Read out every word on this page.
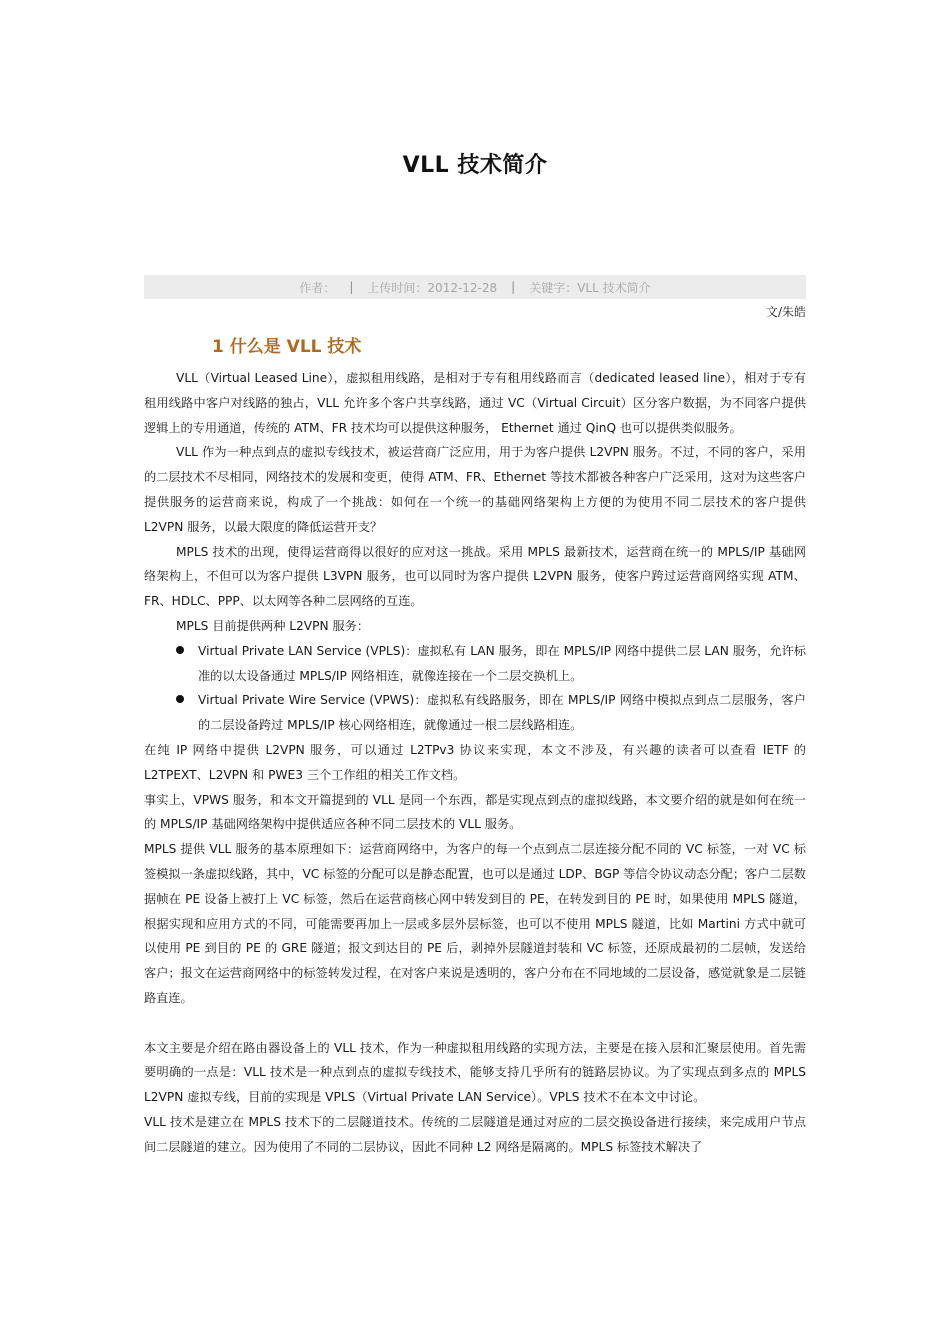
VLL 技术简介
作者： | 上传时间：2012-12-28 | 关键字：VLL 技术简介
文/朱皓
1 什么是 VLL 技术

VLL（Virtual Leased Line），虚拟租用线路，是相对于专有租用线路而言（dedicated leased line），相对于专有租用线路中客户对线路的独占，VLL 允许多个客户共享线路，通过 VC（Virtual Circuit）区分客户数据，为不同客户提供逻辑上的专用通道，传统的 ATM、FR 技术均可以提供这种服务， Ethernet 通过 QinQ 也可以提供类似服务。

VLL 作为一种点到点的虚拟专线技术，被运营商广泛应用，用于为客户提供 L2VPN 服务。不过，不同的客户，采用的二层技术不尽相同，网络技术的发展和变更，使得 ATM、FR、Ethernet 等技术都被各种客户广泛采用，这对为这些客户提供服务的运营商来说，构成了一个挑战：如何在一个统一的基础网络架构上方便的为使用不同二层技术的客户提供 L2VPN 服务，以最大限度的降低运营开支？

MPLS 技术的出现，使得运营商得以很好的应对这一挑战。采用 MPLS 最新技术，运营商在统一的 MPLS/IP 基础网络架构上，不但可以为客户提供 L3VPN 服务，也可以同时为客户提供 L2VPN 服务，使客户跨过运营商网络实现 ATM、FR、HDLC、PPP、以太网等各种二层网络的互连。

MPLS 目前提供两种 L2VPN 服务：

Virtual Private LAN Service (VPLS)：虚拟私有 LAN 服务，即在 MPLS/IP 网络中提供二层 LAN 服务，允许标准的以太设备通过 MPLS/IP 网络相连，就像连接在一个二层交换机上。
Virtual Private Wire Service (VPWS)：虚拟私有线路服务，即在 MPLS/IP 网络中模拟点到点二层服务，客户的二层设备跨过 MPLS/IP 核心网络相连，就像通过一根二层线路相连。

在纯 IP 网络中提供 L2VPN 服务，可以通过 L2TPv3 协议来实现，本文不涉及，有兴趣的读者可以查看 IETF 的 L2TPEXT、L2VPN 和 PWE3 三个工作组的相关工作文档。

事实上，VPWS 服务，和本文开篇提到的 VLL 是同一个东西，都是实现点到点的虚拟线路，本文要介绍的就是如何在统一的 MPLS/IP 基础网络架构中提供适应各种不同二层技术的 VLL 服务。

MPLS 提供 VLL 服务的基本原理如下：运营商网络中，为客户的每一个点到点二层连接分配不同的 VC 标签，一对 VC 标签模拟一条虚拟线路，其中，VC 标签的分配可以是静态配置，也可以是通过 LDP、BGP 等信令协议动态分配；客户二层数据帧在 PE 设备上被打上 VC 标签，然后在运营商核心网中转发到目的 PE，在转发到目的 PE 时，如果使用 MPLS 隧道，根据实现和应用方式的不同，可能需要再加上一层或多层外层标签，也可以不使用 MPLS 隧道，比如 Martini 方式中就可以使用 PE 到目的 PE 的 GRE 隧道；报文到达目的 PE 后，剥掉外层隧道封装和 VC 标签，还原成最初的二层帧，发送给客户；报文在运营商网络中的标签转发过程，在对客户来说是透明的，客户分布在不同地域的二层设备，感觉就象是二层链路直连。

本文主要是介绍在路由器设备上的 VLL 技术，作为一种虚拟租用线路的实现方法，主要是在接入层和汇聚层使用。首先需要明确的一点是：VLL 技术是一种点到点的虚拟专线技术，能够支持几乎所有的链路层协议。为了实现点到多点的 MPLS L2VPN 虚拟专线，目前的实现是 VPLS（Virtual Private LAN Service）。VPLS 技术不在本文中讨论。

VLL 技术是建立在 MPLS 技术下的二层隧道技术。传统的二层隧道是通过对应的二层交换设备进行接续，来完成用户节点间二层隧道的建立。因为使用了不同的二层协议，因此不同种 L2 网络是隔离的。MPLS 标签技术解决了
